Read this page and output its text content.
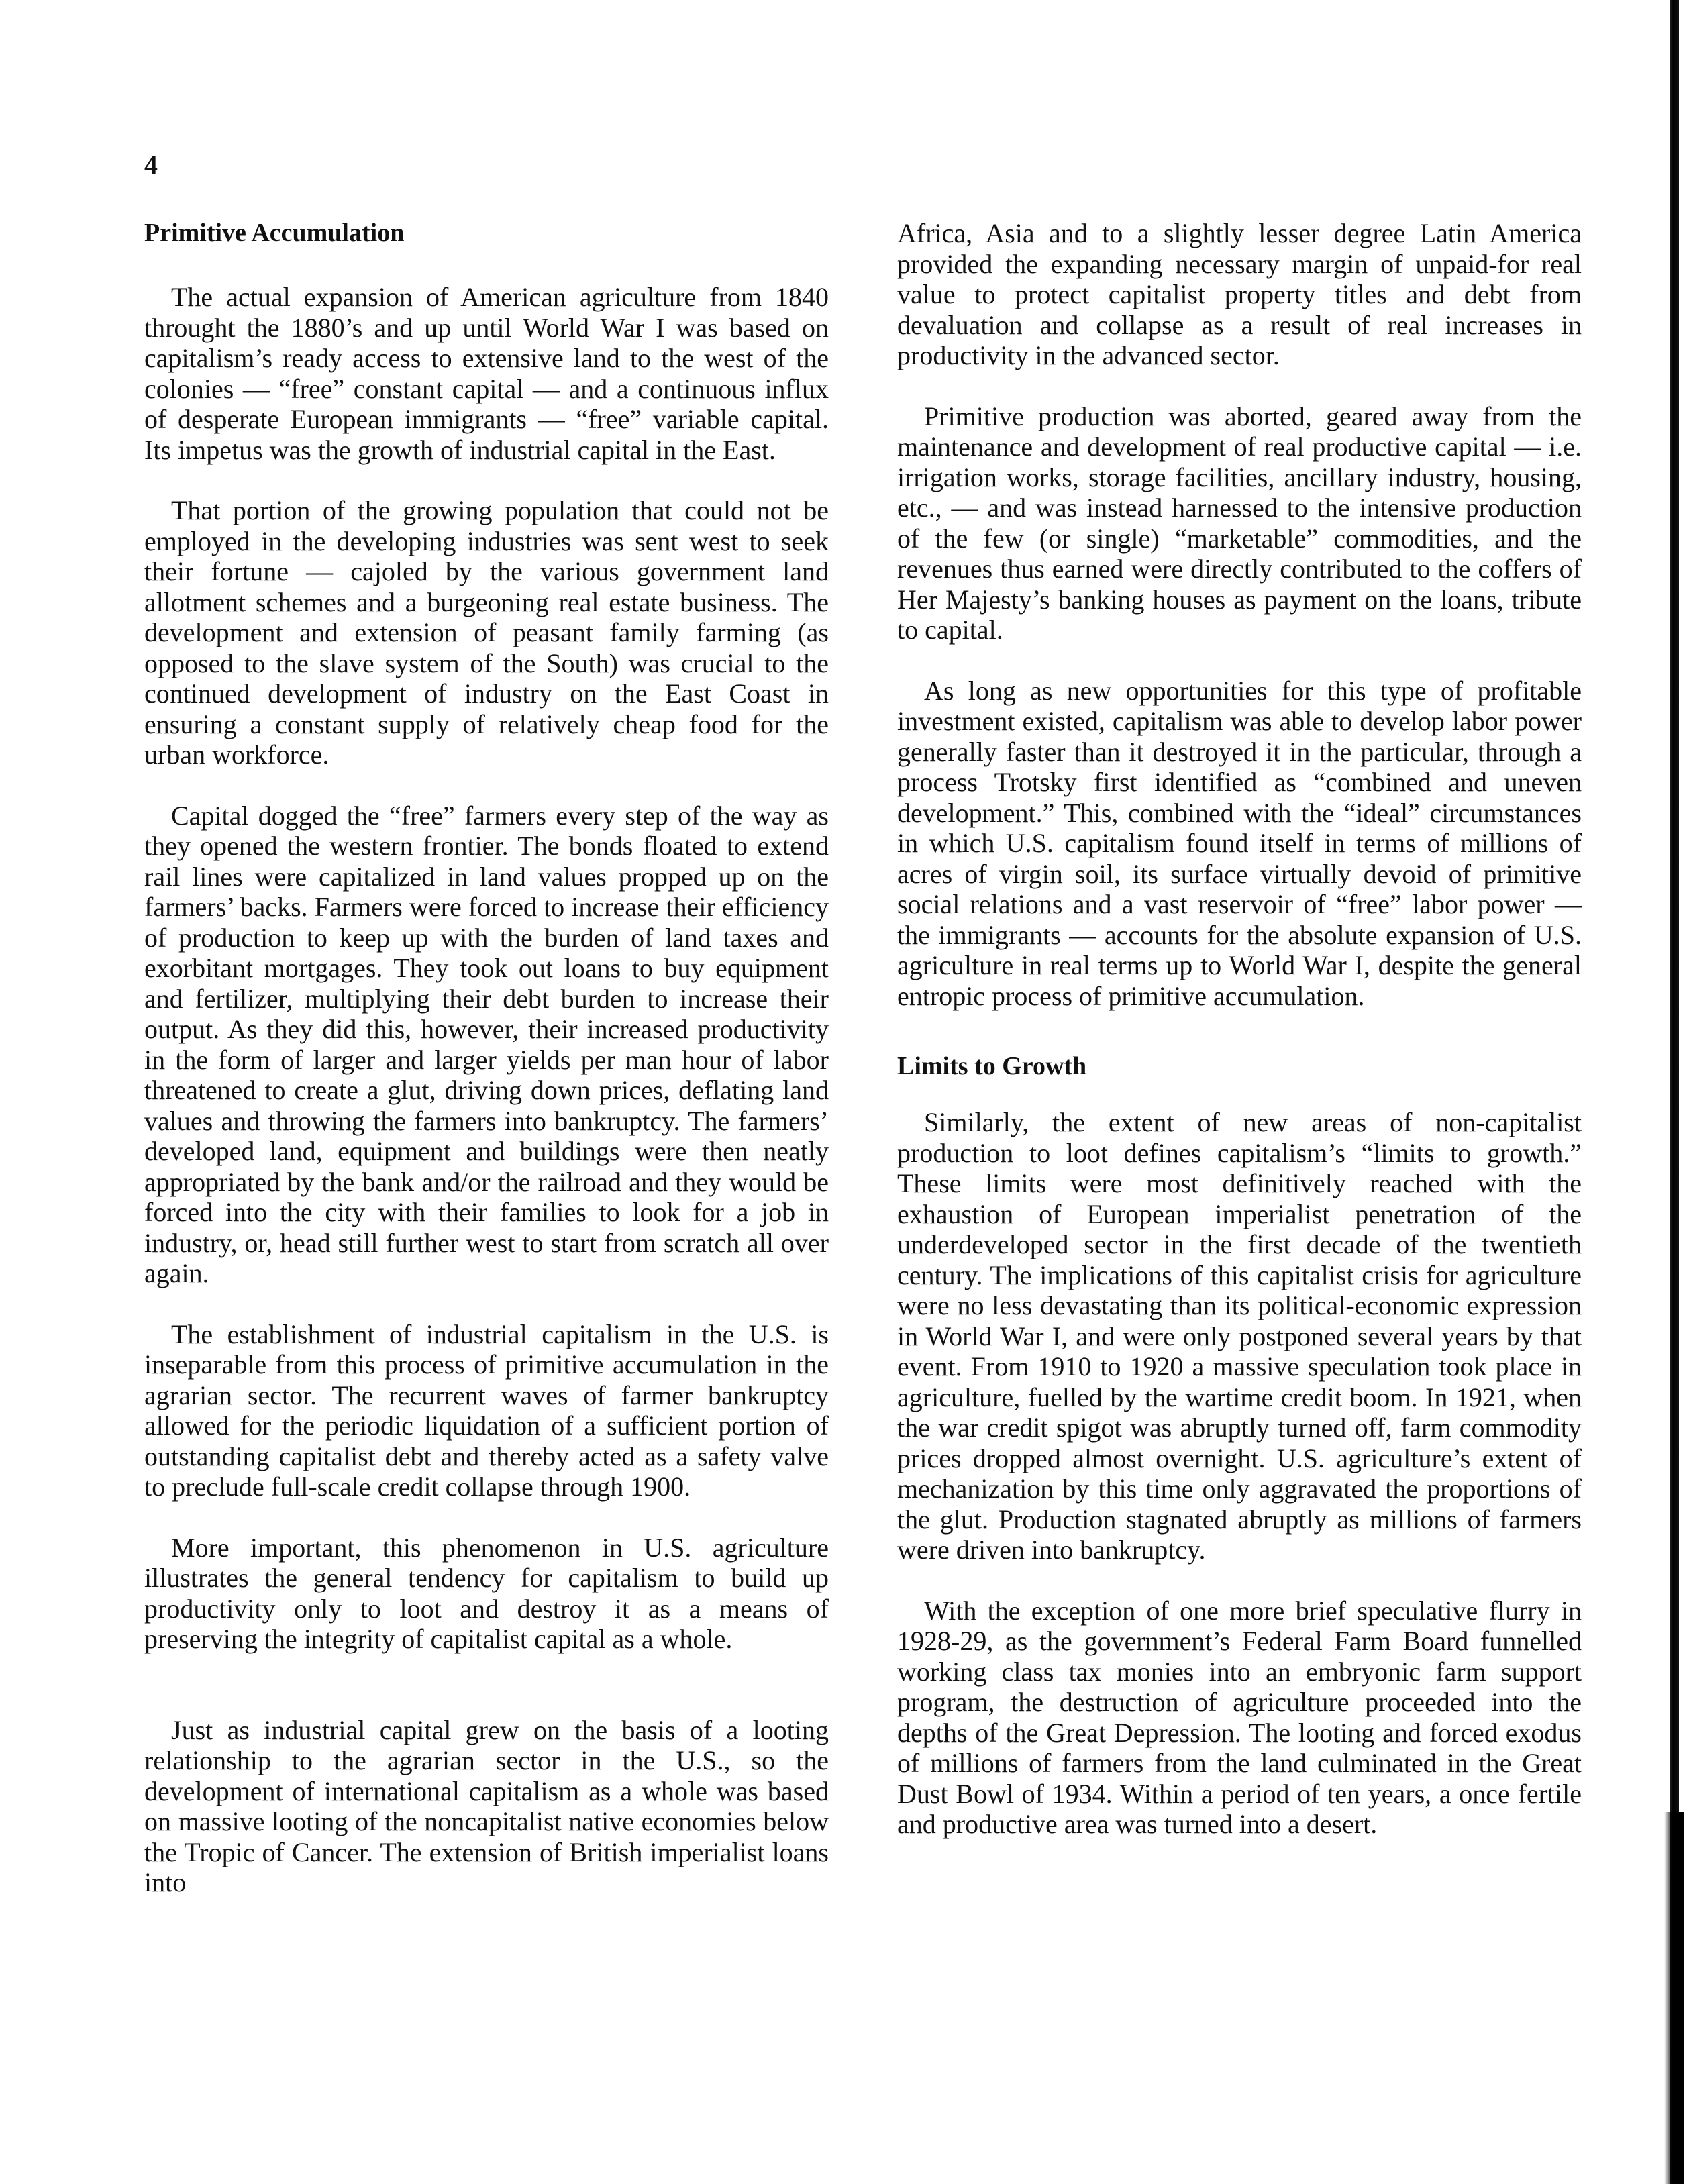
4
Primitive Accumulation

The actual expansion of American agriculture from 1840 throught the 1880’s and up until World War I was based on capitalism’s ready access to extensive land to the west of the colonies — “free” constant capital — and a continuous influx of desperate European immigrants — “free” variable capital. Its impetus was the growth of industrial capital in the East.

That portion of the growing population that could not be employed in the developing industries was sent west to seek their fortune — cajoled by the various government land allotment schemes and a burgeoning real estate business. The development and extension of peasant family farming (as opposed to the slave system of the South) was crucial to the continued development of industry on the East Coast in ensuring a constant supply of relatively cheap food for the urban workforce.

Capital dogged the “free” farmers every step of the way as they opened the western frontier. The bonds floated to extend rail lines were capitalized in land values propped up on the farmers’ backs. Farmers were forced to increase their efficiency of production to keep up with the burden of land taxes and exorbitant mortgages. They took out loans to buy equipment and fertilizer, multiplying their debt burden to increase their output. As they did this, however, their increased productivity in the form of larger and larger yields per man hour of labor threatened to create a glut, driving down prices, deflating land values and throwing the farmers into bankruptcy. The farmers’ developed land, equipment and buildings were then neatly appropriated by the bank and/or the railroad and they would be forced into the city with their families to look for a job in industry, or, head still further west to start from scratch all over again.

The establishment of industrial capitalism in the U.S. is inseparable from this process of primitive accumulation in the agrarian sector. The recurrent waves of farmer bankruptcy allowed for the periodic liquidation of a sufficient portion of outstanding capitalist debt and thereby acted as a safety valve to preclude full-scale credit collapse through 1900.

More important, this phenomenon in U.S. agriculture illustrates the general tendency for capitalism to build up productivity only to loot and destroy it as a means of preserving the integrity of capitalist capital as a whole.

Just as industrial capital grew on the basis of a looting relationship to the agrarian sector in the U.S., so the development of international capitalism as a whole was based on massive looting of the noncapitalist native economies below the Tropic of Cancer. The extension of British imperialist loans into

Africa, Asia and to a slightly lesser degree Latin America provided the expanding necessary margin of unpaid-for real value to protect capitalist property titles and debt from devaluation and collapse as a result of real increases in productivity in the advanced sector.

Primitive production was aborted, geared away from the maintenance and development of real productive capital — i.e. irrigation works, storage facilities, ancillary industry, housing, etc., — and was instead harnessed to the intensive production of the few (or single) “marketable” commodities, and the revenues thus earned were directly contributed to the coffers of Her Majesty’s banking houses as payment on the loans, tribute to capital.

As long as new opportunities for this type of profitable investment existed, capitalism was able to develop labor power generally faster than it destroyed it in the particular, through a process Trotsky first identified as “combined and uneven development.” This, combined with the “ideal” circumstances in which U.S. capitalism found itself in terms of millions of acres of virgin soil, its surface virtually devoid of primitive social relations and a vast reservoir of “free” labor power — the immigrants — accounts for the absolute expansion of U.S. agriculture in real terms up to World War I, despite the general entropic process of primitive accumulation.

Limits to Growth

Similarly, the extent of new areas of non-capitalist production to loot defines capitalism’s “limits to growth.” These limits were most definitively reached with the exhaustion of European imperialist penetration of the underdeveloped sector in the first decade of the twentieth century. The implications of this capitalist crisis for agriculture were no less devastating than its political-economic expression in World War I, and were only postponed several years by that event. From 1910 to 1920 a massive speculation took place in agriculture, fuelled by the wartime credit boom. In 1921, when the war credit spigot was abruptly turned off, farm commodity prices dropped almost overnight. U.S. agriculture’s extent of mechanization by this time only aggravated the proportions of the glut. Production stagnated abruptly as millions of farmers were driven into bankruptcy.

With the exception of one more brief speculative flurry in 1928-29, as the government’s Federal Farm Board funnelled working class tax monies into an embryonic farm support program, the destruction of agriculture proceeded into the depths of the Great Depression. The looting and forced exodus of millions of farmers from the land culminated in the Great Dust Bowl of 1934. Within a period of ten years, a once fertile and productive area was turned into a desert.
